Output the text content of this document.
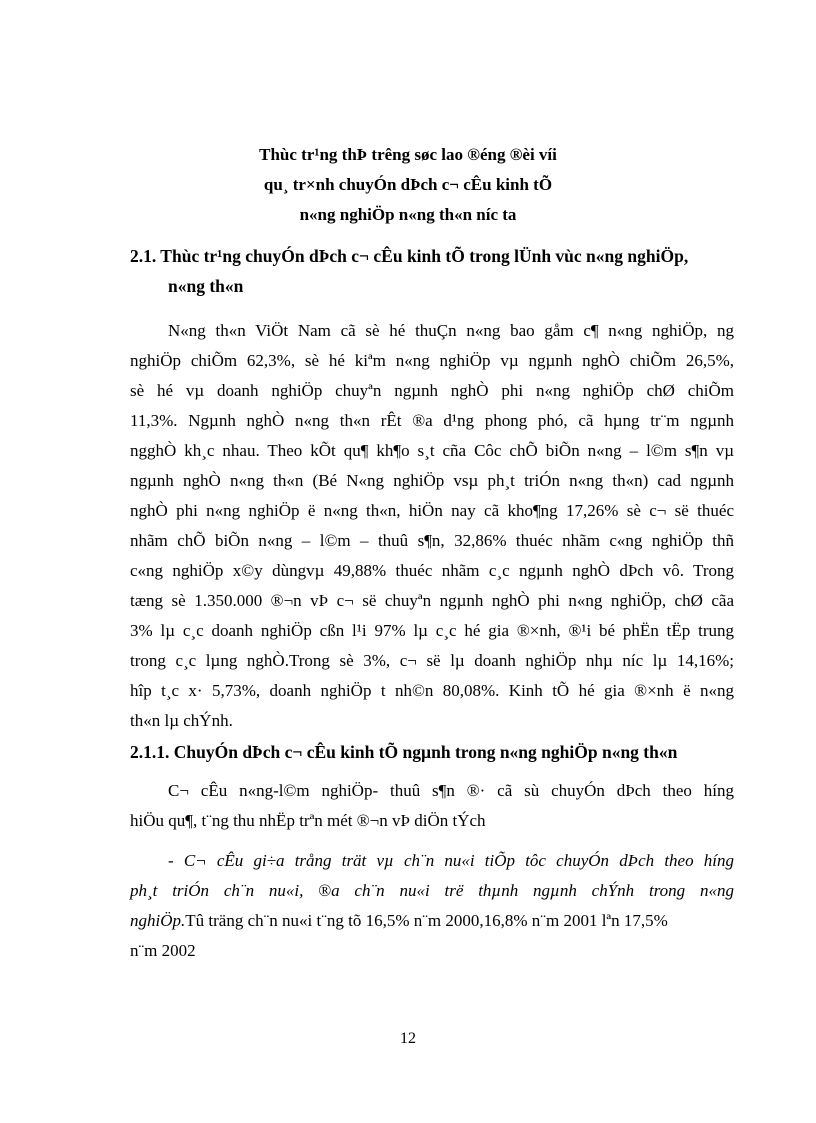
Thùc tr¹ng thÞ trêng søc lao ®éng ®èi víi
qu¸ tr×nh chuyÓn dÞch c¬ cÊu kinh tÕ
n«ng nghiÖp n«ng th«n níc ta
2.1. Thùc tr¹ng chuyÓn dÞch c¬ cÊu kinh tÕ trong lÜnh vùc n«ng nghiÖp,
n«ng th«n
N«ng th«n ViÖt Nam cã sè hé thuÇn n«ng bao gåm c¶ n«ng nghiÖp, ng
nghiÖp chiÕm 62,3%, sè hé kiªm n«ng nghiÖp vµ ngµnh nghÒ chiÕm 26,5%,
sè hé vµ doanh nghiÖp chuyªn ngµnh nghÒ phi n«ng nghiÖp chØ chiÕm
11,3%. Ngµnh nghÒ n«ng th«n rÊt ®a d¹ng phong phó, cã hµng tr¨m ngµnh
ngghÒ kh¸c nhau. Theo kÕt qu¶ kh¶o s¸t cña Côc chÕ biÕn n«ng – l©m s¶n vµ
ngµnh nghÒ n«ng th«n (Bé N«ng nghiÖp vsµ ph¸t triÓn n«ng th«n) cad ngµnh
nghÒ phi n«ng nghiÖp ë n«ng th«n, hiÖn nay cã kho¶ng 17,26% sè c¬ së thuéc
nhãm chÕ biÕn n«ng – l©m – thuû s¶n, 32,86% thuéc nhãm c«ng nghiÖp thñ
c«ng nghiÖp x©y dùngvµ 49,88% thuéc nhãm c¸c ngµnh nghÒ dÞch vô. Trong
tæng sè 1.350.000 ®¬n vÞ c¬ së chuyªn ngµnh nghÒ phi n«ng nghiÖp, chØ cãa
3% lµ c¸c doanh nghiÖp cßn l¹i 97% lµ c¸c hé gia ®×nh, ®¹i bé phËn tËp trung
trong c¸c lµng nghÒ.Trong sè 3%, c¬ së lµ doanh nghiÖp nhµ níc lµ 14,16%;
hîp t¸c x· 5,73%, doanh nghiÖp t nh©n 80,08%. Kinh tÕ hé gia ®×nh ë n«ng
th«n lµ chÝnh.
2.1.1. ChuyÓn dÞch c¬ cÊu kinh tÕ ngµnh trong n«ng nghiÖp n«ng th«n
C¬ cÊu n«ng-l©m nghiÖp- thuû s¶n ®· cã sù chuyÓn dÞch theo híng
hiÖu qu¶, t¨ng thu nhËp trªn mét ®¬n vÞ diÖn tÝch
- C¬ cÊu gi÷a trång trät vµ ch¨n nu«i tiÕp tôc chuyÓn dÞch theo híng
ph¸t triÓn ch¨n nu«i, ®a ch¨n nu«i trë thµnh ngµnh chÝnh trong n«ng
nghiÖp.Tû träng ch¨n nu«i t¨ng tõ 16,5% n¨m 2000,16,8% n¨m 2001 lªn 17,5%
n¨m 2002
12
